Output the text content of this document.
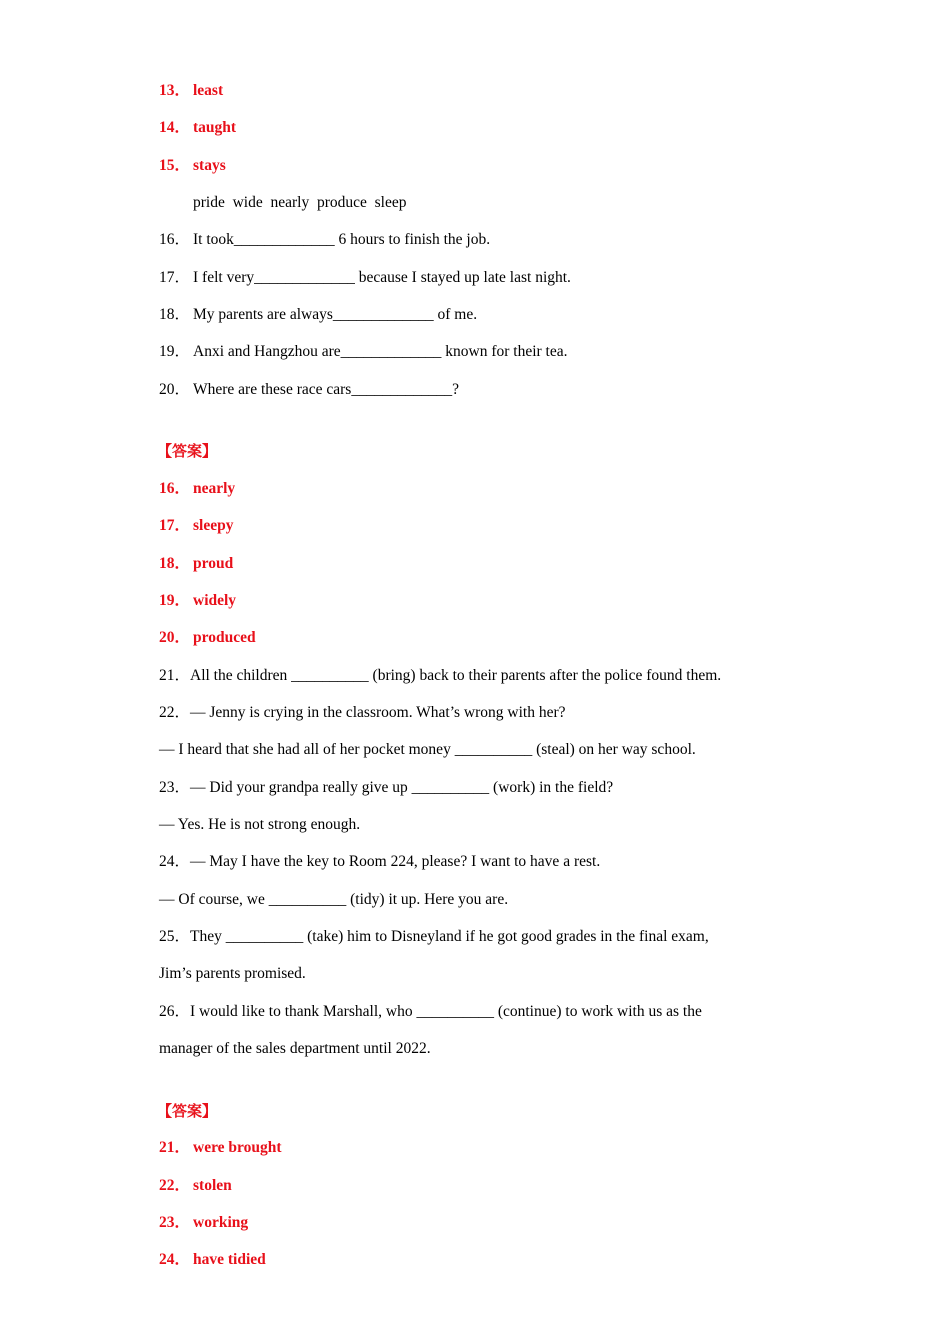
13． least
14． taught
15． stays
pride  wide  nearly  produce  sleep
16． It took_____________ 6 hours to finish the job.
17． I felt very_____________ because I stayed up late last night.
18． My parents are always_____________ of me.
19． Anxi and Hangzhou are_____________ known for their tea.
20． Where are these race cars_____________?
【答案】
16． nearly
17． sleepy
18． proud
19． widely
20． produced
21．All the children __________ (bring) back to their parents after the police found them.
22．— Jenny is crying in the classroom. What’s wrong with her?
— I heard that she had all of her pocket money __________ (steal) on her way school.
23．— Did your grandpa really give up __________ (work) in the field?
— Yes. He is not strong enough.
24．— May I have the key to Room 224, please? I want to have a rest.
— Of course, we __________ (tidy) it up. Here you are.
25．They __________ (take) him to Disneyland if he got good grades in the final exam,
Jim’s parents promised.
26．I would like to thank Marshall, who __________ (continue) to work with us as the
manager of the sales department until 2022.
【答案】
21． were brought
22． stolen
23． working
24． have tidied
